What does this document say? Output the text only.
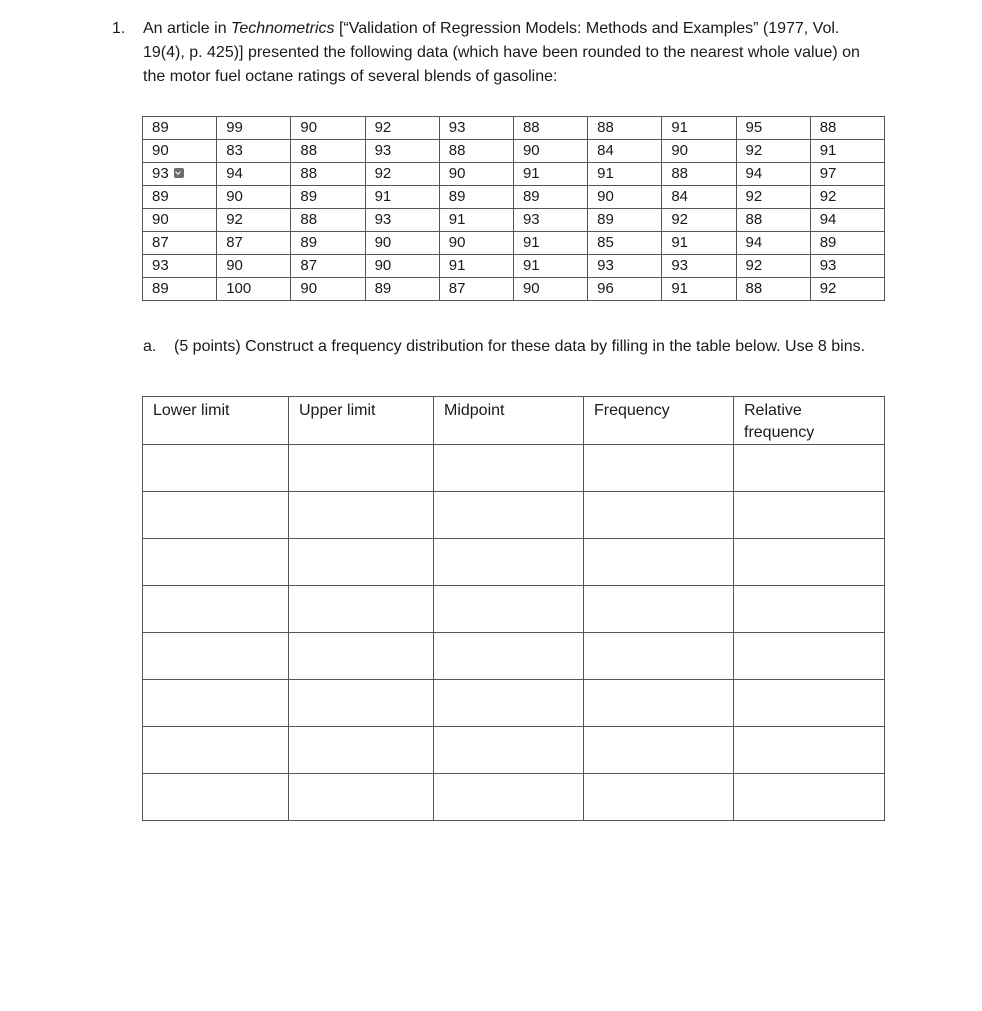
1. An article in Technometrics [“Validation of Regression Models: Methods and Examples” (1977, Vol. 19(4), p. 425)] presented the following data (which have been rounded to the nearest whole value) on the motor fuel octane ratings of several blends of gasoline:
89	99	90	92	93	88	88	91	95	88
90	83	88	93	88	90	84	90	92	91
93	94	88	92	90	91	91	88	94	97
89	90	89	91	89	89	90	84	92	92
90	92	88	93	91	93	89	92	88	94
87	87	89	90	90	91	85	91	94	89
93	90	87	90	91	91	93	93	92	93
89	100	90	89	87	90	96	91	88	92
a. (5 points) Construct a frequency distribution for these data by filling in the table below. Use 8 bins.
Lower limit	Upper limit	Midpoint	Frequency	Relative frequency
